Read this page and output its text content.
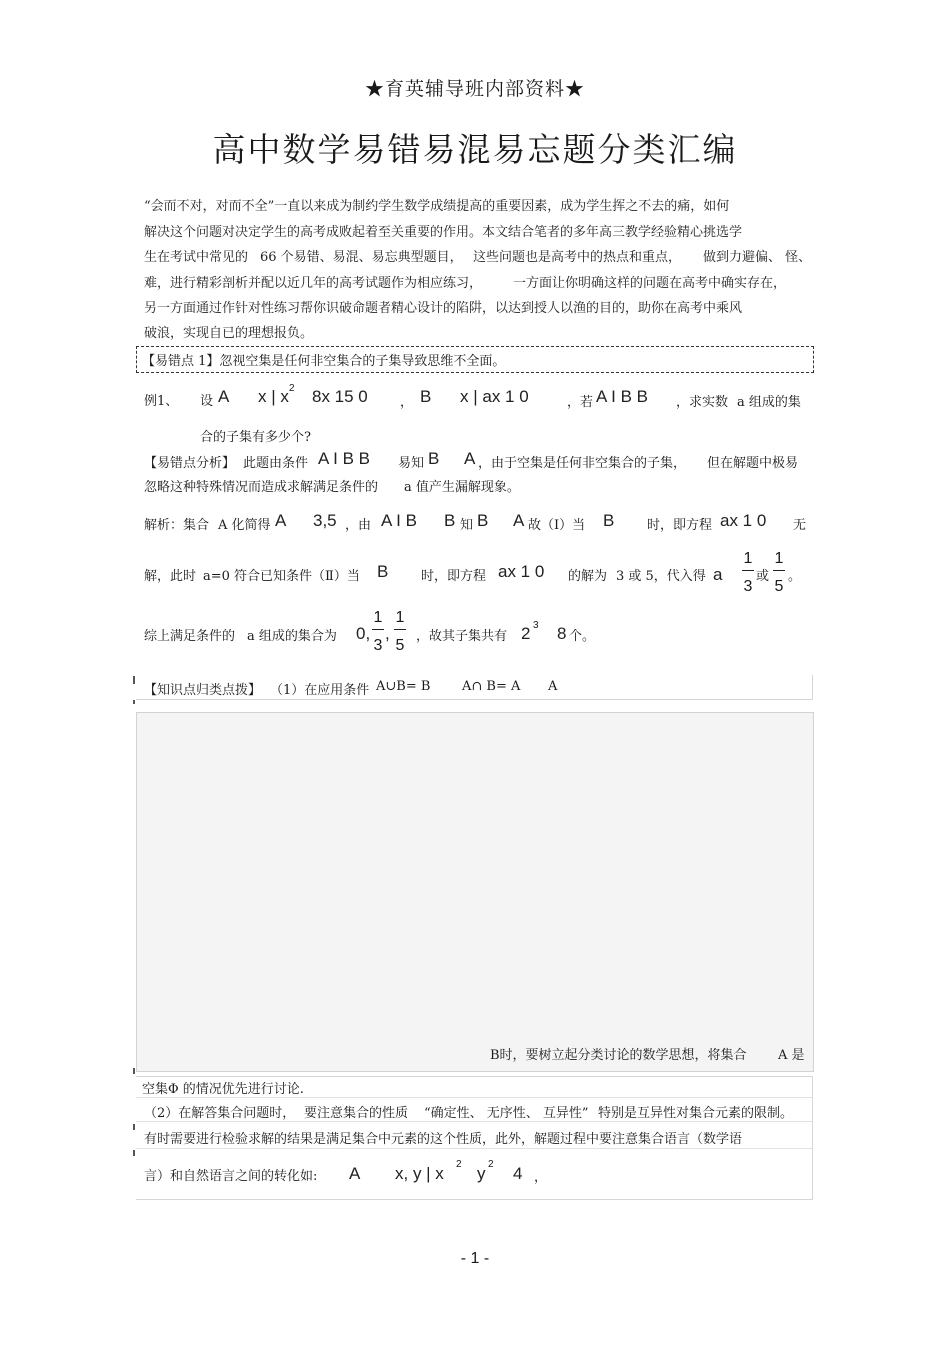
★育英辅导班内部资料★
高中数学易错易混易忘题分类汇编
“会而不对，对而不全”一直以来成为制约学生数学成绩提高的重要因素，成为学生挥之不去的痛，如何
解决这个问题对决定学生的高考成败起着至关重要的作用。本文结合笔者的多年高三教学经验精心挑选学
生在考试中常见的 66 个易错、易混、易忘典型题目， 这些问题也是高考中的热点和重点， 做到力避偏、 怪、
难，进行精彩剖析并配以近几年的高考试题作为相应练习， 一方面让你明确这样的问题在高考中确实存在，
另一方面通过作针对性练习帮你识破命题者精心设计的陷阱，以达到授人以渔的目的，助你在高考中乘风
破浪，实现自已的理想报负。
【易错点 1】忽视空集是任何非空集合的子集导致思维不全面。
例1、 设 A x | x 2 8x 15 0 ， B x | ax 1 0	，若 A I B B ，求实数 a 组成的集
合的子集有多少个?
【易错点分析】 此题由条件 A I B B 易知 B A ，由于空集是任何非空集合的子集， 但在解题中极易
忽略这种特殊情况而造成求解满足条件的 a 值产生漏解现象。
解析：集合 A 化简得 A 3,5 ，由 A I B B 知 B A 故（Ⅰ）当 B	时，即方程 ax 1 0 无
解，此时 a=0 符合已知条件（Ⅱ）当 B	时，即方程 ax 1 0 的解为 3 或 5，代入得 a
1
3
或
1
5
。
综上满足条件的 a 组成的集合为 0,
1
3
,
1
5
，故其子集共有 2 3 8 个。
【知识点归类点拨】 （1）在应用条件 A∪B= B A∩ B= A A
B时，要树立起分类讨论的数学思想，将集合 A 是
空集Φ 的情况优先进行讨论.
（2）在解答集合问题时， 要注意集合的性质 “确定性、 无序性、 互异性” 特别是互异性对集合元素的限制。
有时需要进行检验求解的结果是满足集合中元素的这个性质，此外，解题过程中要注意集合语言（数学语
言）和自然语言之间的转化如: A x, y | x 2 y 2 4 ，
- 1 -
